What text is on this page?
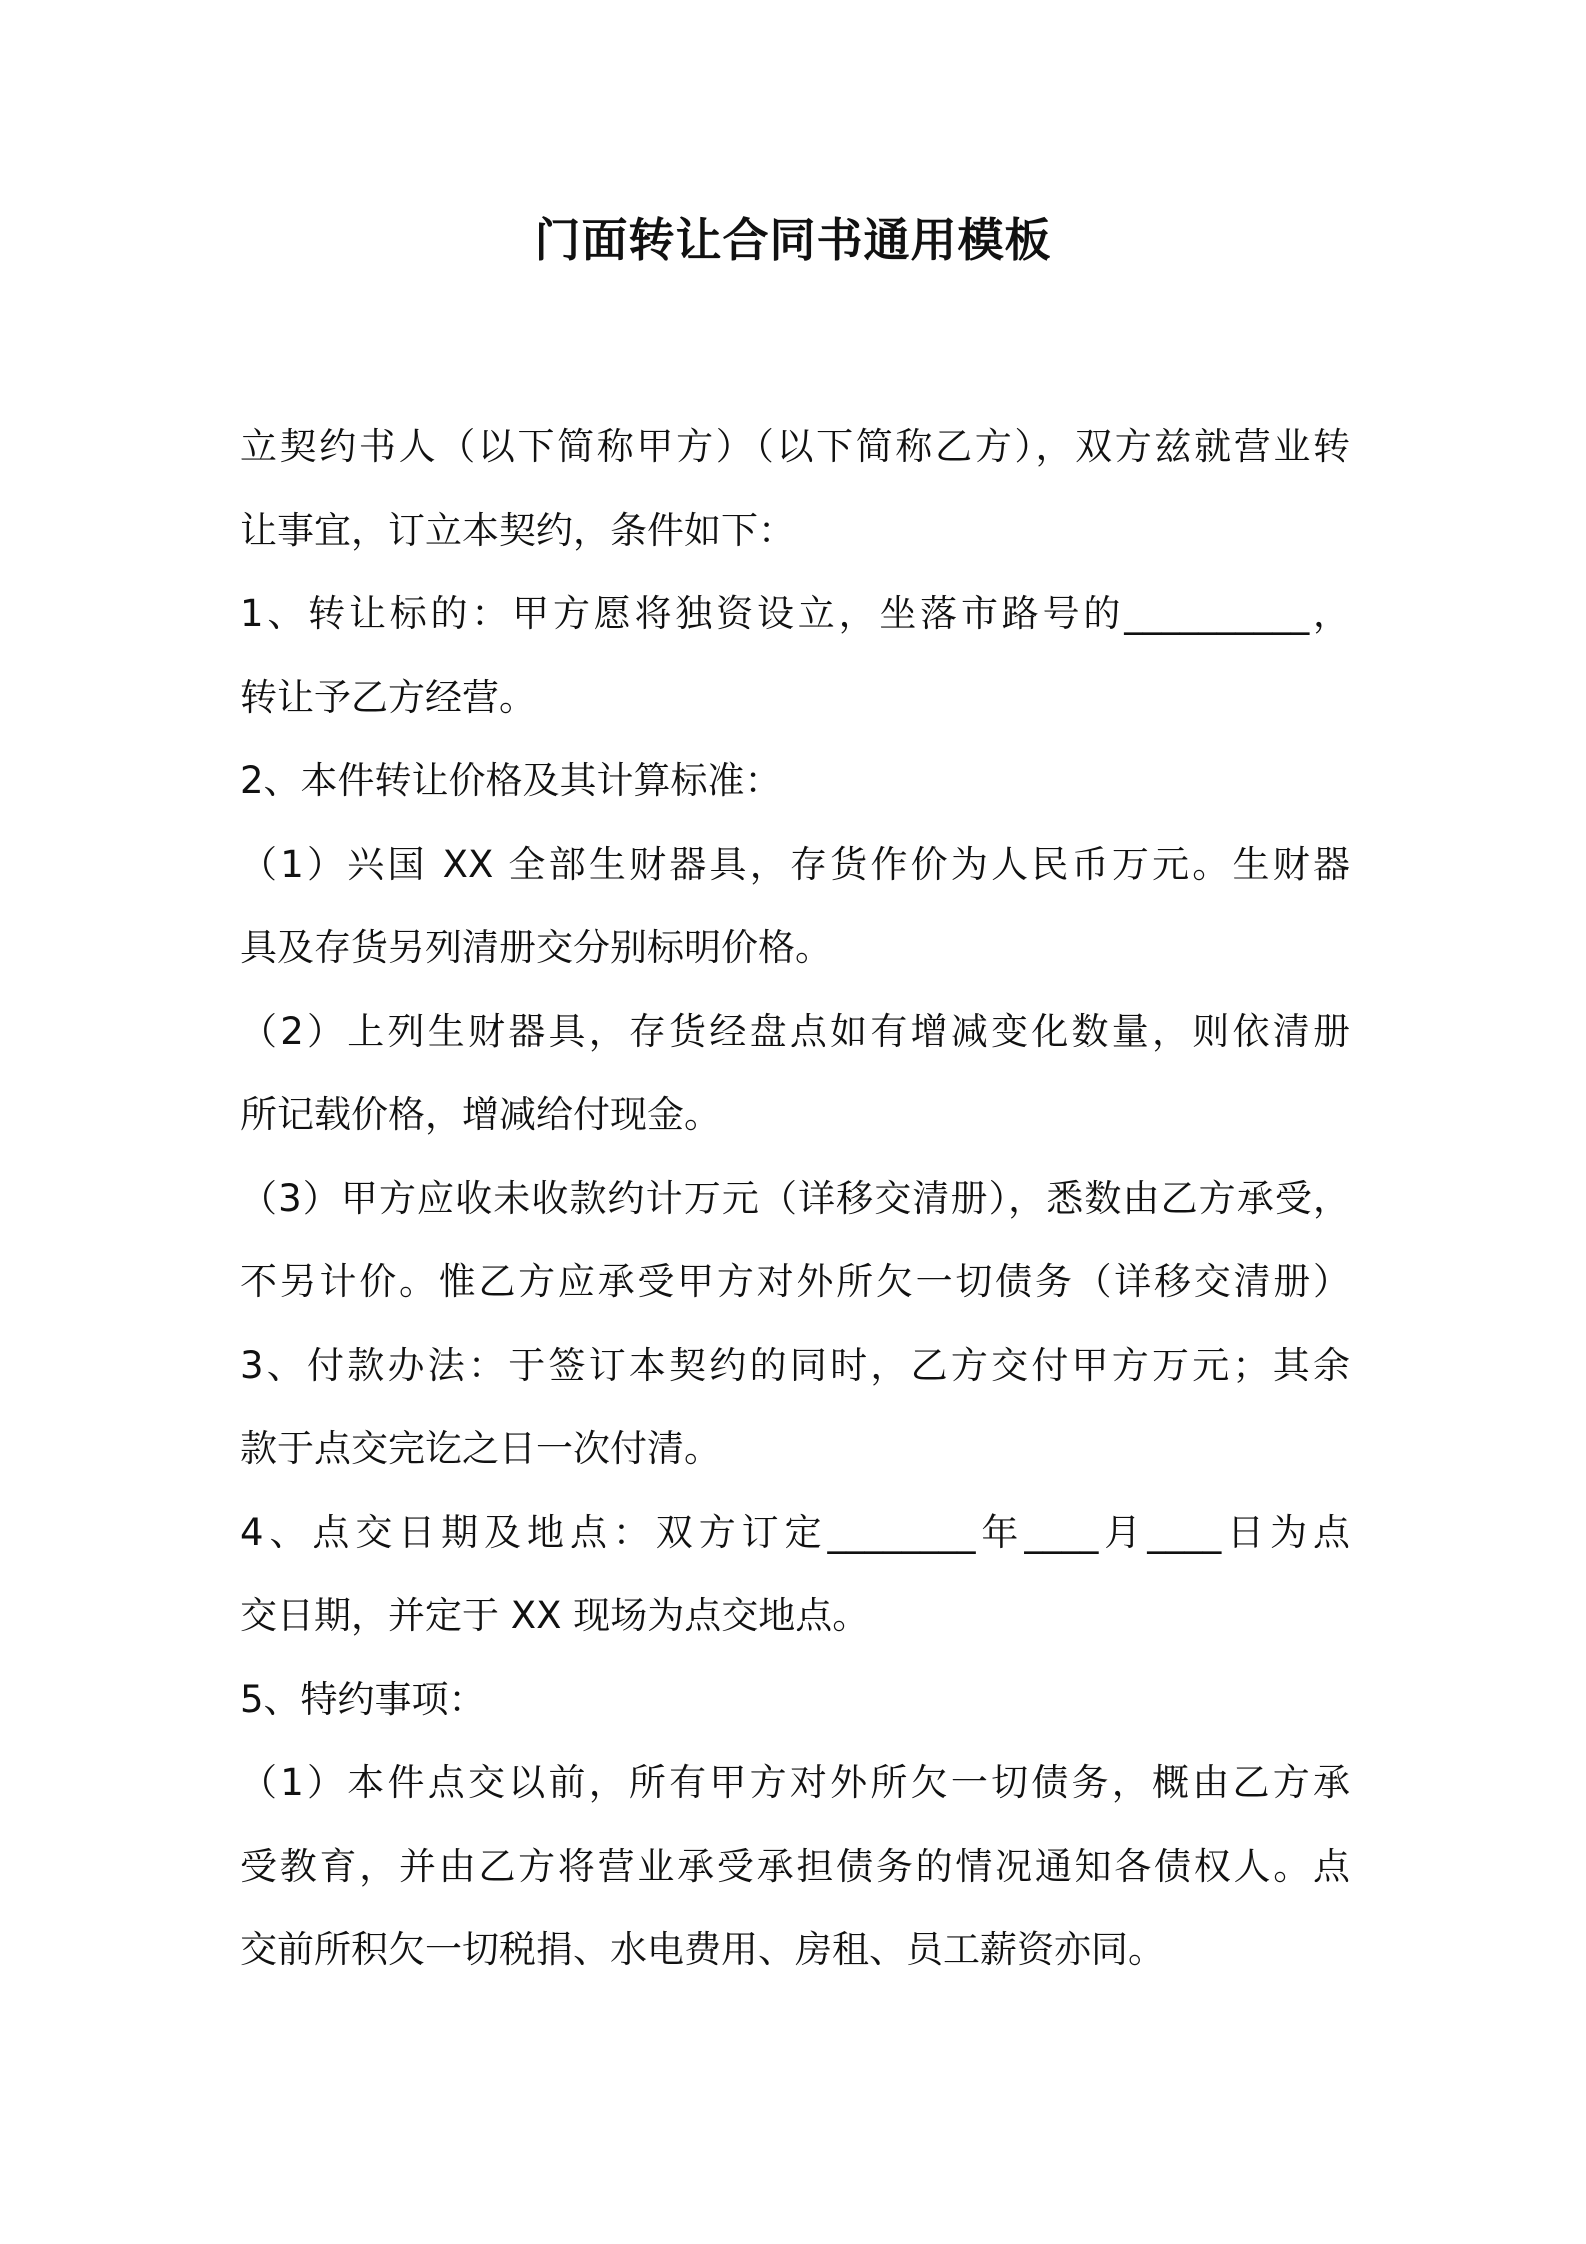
门面转让合同书通用模板
立契约书人（以下简称甲方）（以下简称乙方），双方兹就营业转
让事宜，订立本契约，条件如下：
1、转让标的：甲方愿将独资设立，坐落市路号的__________，
转让予乙方经营。
2、本件转让价格及其计算标准：
（1）兴国 XX 全部生财器具，存货作价为人民币万元。生财器
具及存货另列清册交分别标明价格。
（2）上列生财器具，存货经盘点如有增减变化数量，则依清册
所记载价格，增减给付现金。
（3）甲方应收未收款约计万元（详移交清册），悉数由乙方承受，
不另计价。惟乙方应承受甲方对外所欠一切债务（详移交清册）
3、付款办法：于签订本契约的同时，乙方交付甲方万元；其余
款于点交完讫之日一次付清。
4、点交日期及地点：双方订定________年____月____日为点
交日期，并定于 XX 现场为点交地点。
5、特约事项：
（1）本件点交以前，所有甲方对外所欠一切债务，概由乙方承
受教育，并由乙方将营业承受承担债务的情况通知各债权人。点
交前所积欠一切税捐、水电费用、房租、员工薪资亦同。
